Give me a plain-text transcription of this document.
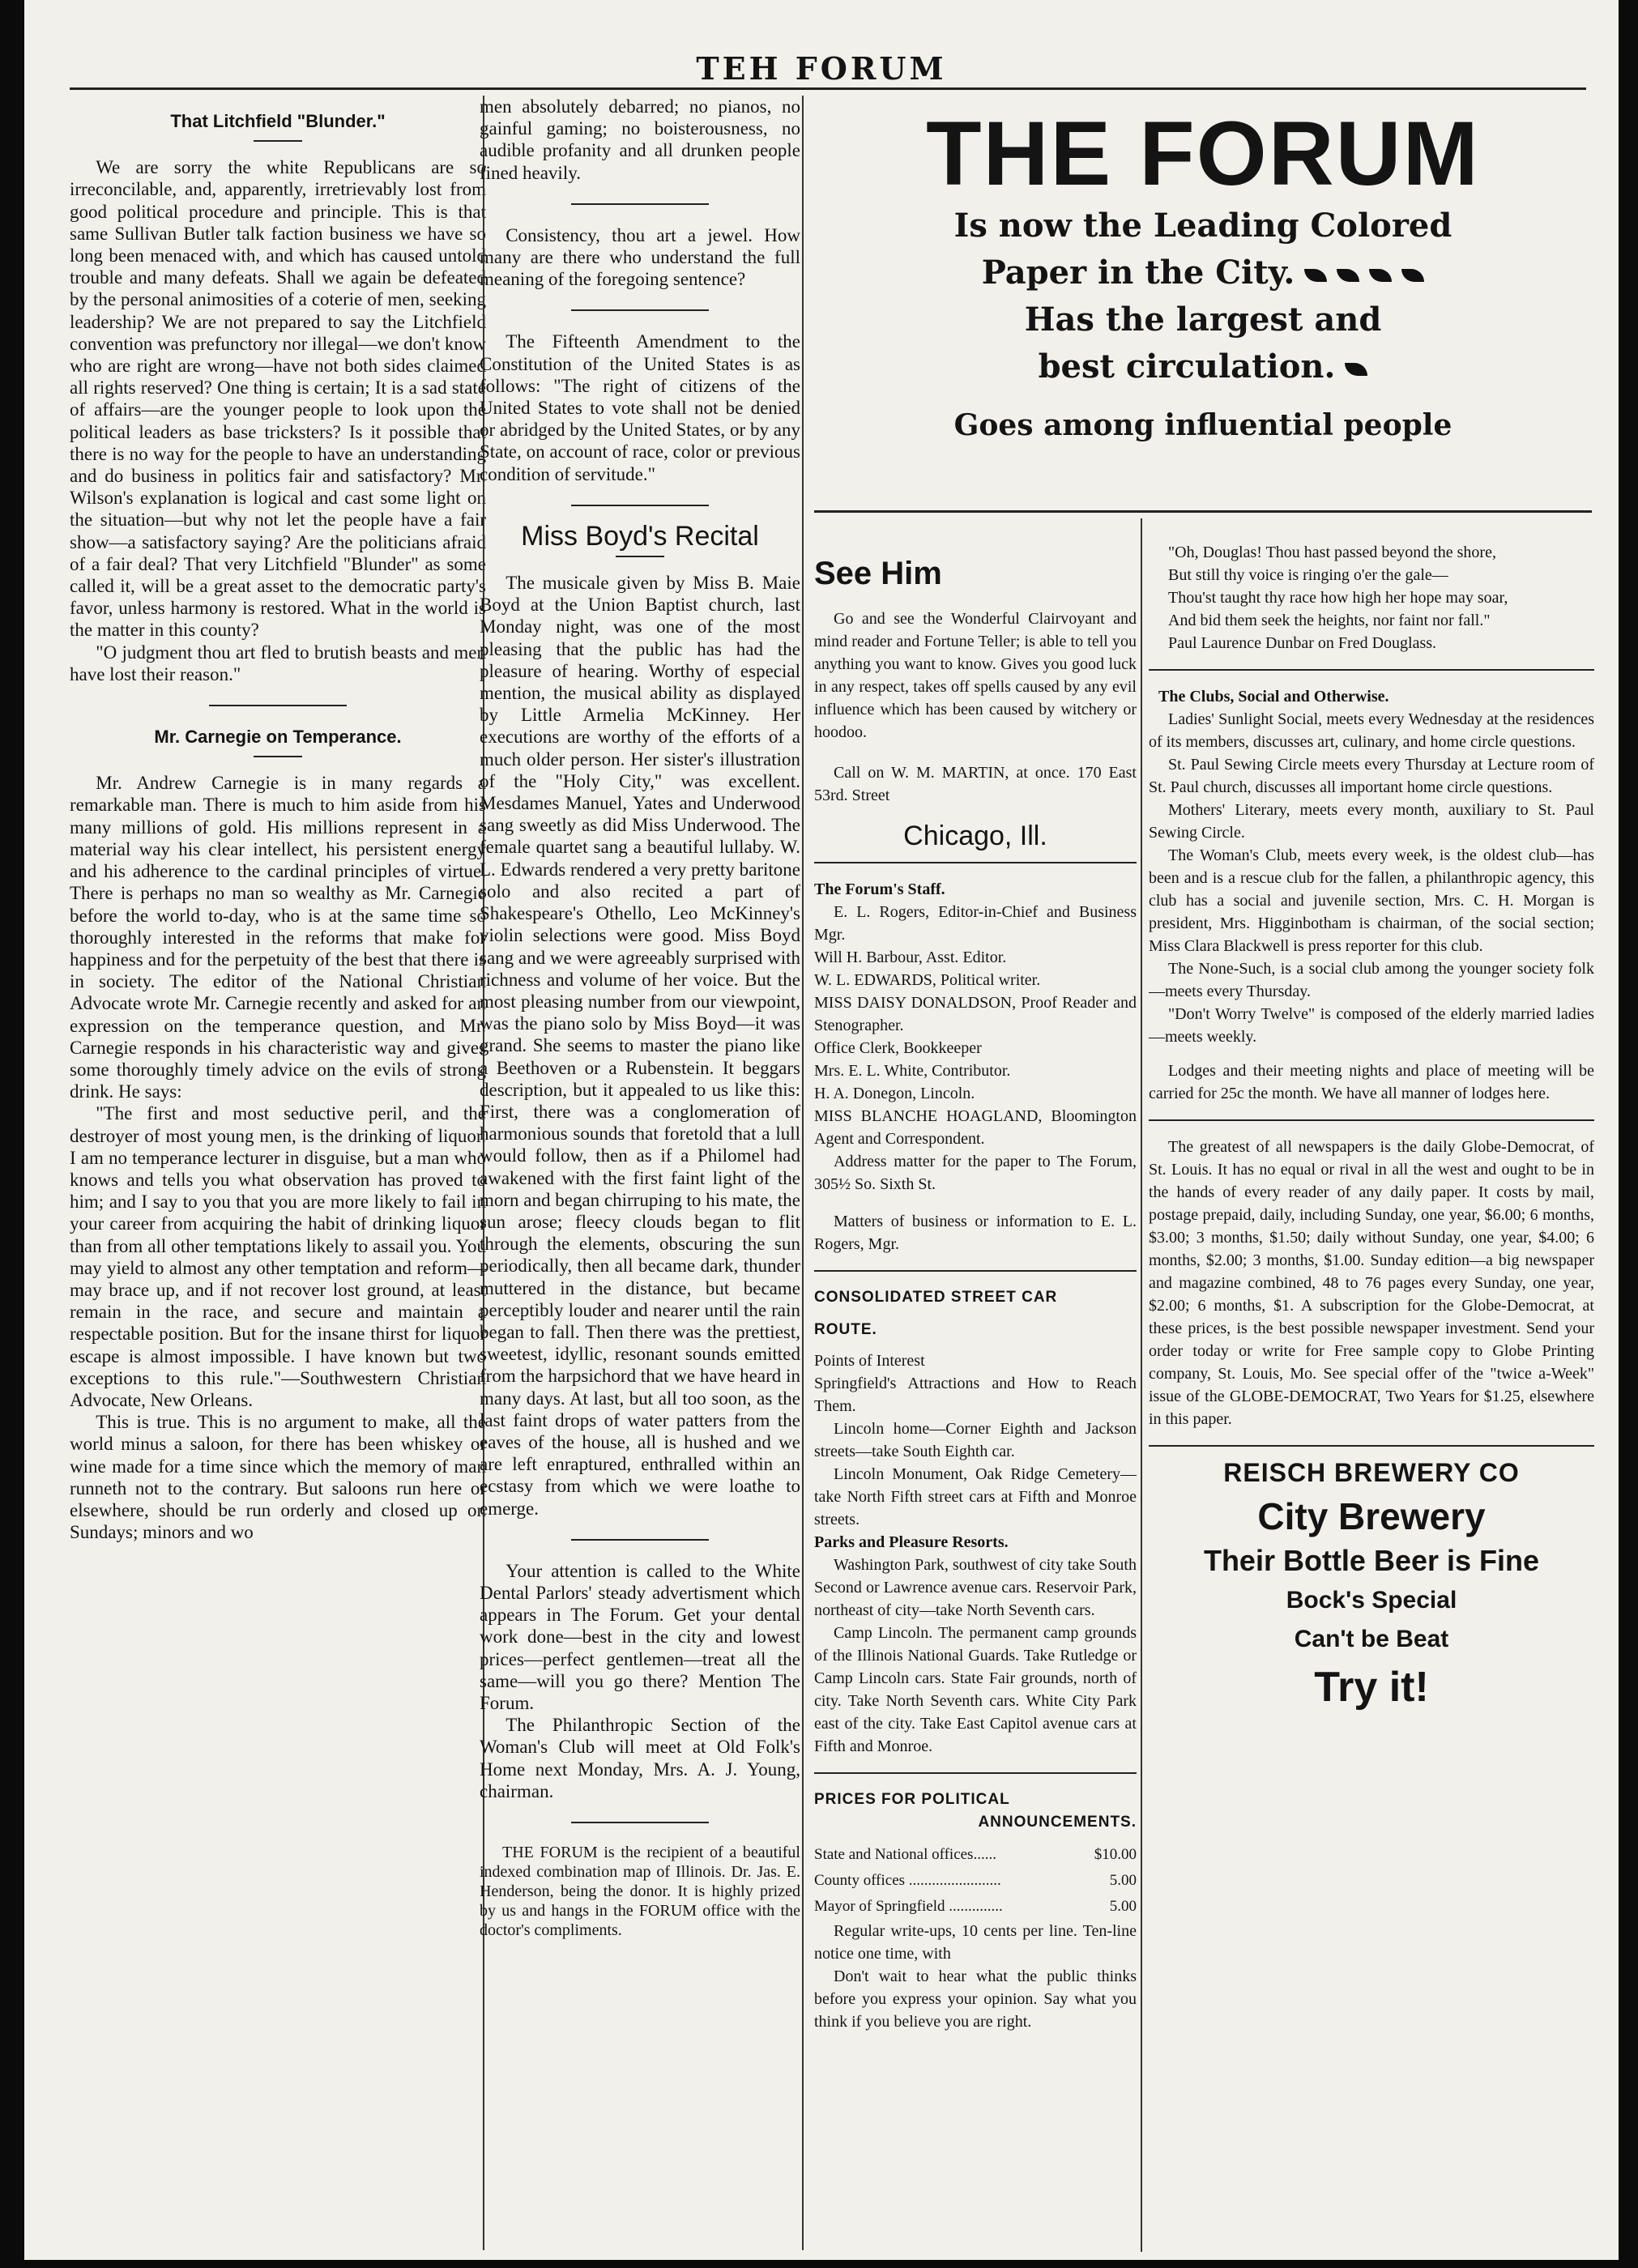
TEH FORUM
That Litchfield "Blunder."

We are sorry the white Republicans are so irreconcilable, and, apparently, irretrievably lost from good political procedure and principle. This is that same Sullivan Butler talk faction business we have so long been menaced with, and which has caused untold trouble and many defeats. Shall we again be defeated by the personal animosities of a coterie of men, seeking leadership? We are not prepared to say the Litchfield convention was prefunctory nor illegal—we don't know who are right are wrong—have not both sides claimed all rights reserved? One thing is certain; It is a sad state of affairs—are the younger people to look upon the political leaders as base tricksters? Is it possible that there is no way for the people to have an understanding and do business in politics fair and satisfactory? Mr. Wilson's explanation is logical and cast some light on the situation—but why not let the people have a fair show—a satisfactory saying? Are the politicians afraid of a fair deal? That very Litchfield "Blunder" as some called it, will be a great asset to the democratic party's favor, unless harmony is restored. What in the world is the matter in this county?

"O judgment thou art fled to brutish beasts and men have lost their reason."

Mr. Carnegie on Temperance.

Mr. Andrew Carnegie is in many regards a remarkable man. There is much to him aside from his many millions of gold. His millions represent in a material way his clear intellect, his persistent energy and his adherence to the cardinal principles of virtue. There is perhaps no man so wealthy as Mr. Carnegie before the world to-day, who is at the same time so thoroughly interested in the reforms that make for happiness and for the perpetuity of the best that there is in society. The editor of the National Christian Advocate wrote Mr. Carnegie recently and asked for an expression on the temperance question, and Mr. Carnegie responds in his characteristic way and gives some thoroughly timely advice on the evils of strong drink. He says:

"The first and most seductive peril, and the destroyer of most young men, is the drinking of liquor. I am no temperance lecturer in disguise, but a man who knows and tells you what observation has proved to him; and I say to you that you are more likely to fail in your career from acquiring the habit of drinking liquor than from all other temptations likely to assail you. You may yield to almost any other temptation and reform—may brace up, and if not recover lost ground, at least remain in the race, and secure and maintain a respectable position. But for the insane thirst for liquor escape is almost impossible. I have known but two exceptions to this rule."—Southwestern Christian Advocate, New Orleans.

This is true. This is no argument to make, all the world minus a saloon, for there has been whiskey or wine made for a time since which the memory of man runneth not to the contrary. But saloons run here or elsewhere, should be run orderly and closed up on Sundays; minors and wo

men absolutely debarred; no pianos, no gainful gaming; no boisterousness, no audible profanity and all drunken people fined heavily.

Consistency, thou art a jewel. How many are there who understand the full meaning of the foregoing sentence?

The Fifteenth Amendment to the Constitution of the United States is as follows: "The right of citizens of the United States to vote shall not be denied or abridged by the United States, or by any State, on account of race, color or previous condition of servitude."

Miss Boyd's Recital

The musicale given by Miss B. Maie Boyd at the Union Baptist church, last Monday night, was one of the most pleasing that the public has had the pleasure of hearing. Worthy of especial mention, the musical ability as displayed by Little Armelia McKinney. Her executions are worthy of the efforts of a much older person. Her sister's illustration of the "Holy City," was excellent. Mesdames Manuel, Yates and Underwood sang sweetly as did Miss Underwood. The female quartet sang a beautiful lullaby. W. L. Edwards rendered a very pretty baritone solo and also recited a part of Shakespeare's Othello, Leo McKinney's violin selections were good. Miss Boyd sang and we were agreeably surprised with richness and volume of her voice. But the most pleasing number from our viewpoint, was the piano solo by Miss Boyd—it was grand. She seems to master the piano like a Beethoven or a Rubenstein. It beggars description, but it appealed to us like this: First, there was a conglomeration of harmonious sounds that foretold that a lull would follow, then as if a Philomel had awakened with the first faint light of the morn and began chirruping to his mate, the sun arose; fleecy clouds began to flit through the elements, obscuring the sun periodically, then all became dark, thunder muttered in the distance, but became perceptibly louder and nearer until the rain began to fall. Then there was the prettiest, sweetest, idyllic, resonant sounds emitted from the harpsichord that we have heard in many days. At last, but all too soon, as the last faint drops of water patters from the eaves of the house, all is hushed and we are left enraptured, enthralled within an ecstasy from which we were loathe to emerge.

Your attention is called to the White Dental Parlors' steady advertisment which appears in The Forum. Get your dental work done—best in the city and lowest prices—perfect gentlemen—treat all the same—will you go there? Mention The Forum.

The Philanthropic Section of the Woman's Club will meet at Old Folk's Home next Monday, Mrs. A. J. Young, chairman.

THE FORUM is the recipient of a beautiful indexed combination map of Illinois. Dr. Jas. E. Henderson, being the donor. It is highly prized by us and hangs in the FORUM office with the doctor's compliments.

THE FORUM
Is now the Leading Colored
Paper in the City.
Has the largest and
best circulation.
Goes among influential people
See Him

Go and see the Wonderful Clairvoyant and mind reader and Fortune Teller; is able to tell you anything you want to know. Gives you good luck in any respect, takes off spells caused by any evil influence which has been caused by witchery or hoodoo.

Call on W. M. MARTIN, at once. 170 East 53rd. Street

Chicago, Ill.

The Forum's Staff.

E. L. Rogers, Editor-in-Chief and Business Mgr.

Will H. Barbour, Asst. Editor.

W. L. EDWARDS, Political writer.

MISS DAISY DONALDSON, Proof Reader and Stenographer.

Office Clerk, Bookkeeper

Mrs. E. L. White, Contributor.

H. A. Donegon, Lincoln.

MISS BLANCHE HOAGLAND, Bloomington Agent and Correspondent.

Address matter for the paper to The Forum, 305½ So. Sixth St.

Matters of business or information to E. L. Rogers, Mgr.

CONSOLIDATED STREET CAR

ROUTE.

Points of Interest

Springfield's Attractions and How to Reach Them.

Lincoln home—Corner Eighth and Jackson streets—take South Eighth car.

Lincoln Monument, Oak Ridge Cemetery—take North Fifth street cars at Fifth and Monroe streets.

Parks and Pleasure Resorts.

Washington Park, southwest of city take South Second or Lawrence avenue cars. Reservoir Park, northeast of city—take North Seventh cars.

Camp Lincoln. The permanent camp grounds of the Illinois National Guards. Take Rutledge or Camp Lincoln cars. State Fair grounds, north of city. Take North Seventh cars. White City Park east of the city. Take East Capitol avenue cars at Fifth and Monroe.

PRICES FOR POLITICAL

ANNOUNCEMENTS.

State and National offices......	$10.00
County offices ........................	5.00
Mayor of Springfield ..............	5.00

Regular write-ups, 10 cents per line. Ten-line notice one time, with

Don't wait to hear what the public thinks before you express your opinion. Say what you think if you believe you are right.

"Oh, Douglas! Thou hast passed beyond the shore,

But still thy voice is ringing o'er the gale—

Thou'st taught thy race how high her hope may soar,

And bid them seek the heights, nor faint nor fall."

Paul Laurence Dunbar on Fred Douglass.

The Clubs, Social and Otherwise.

Ladies' Sunlight Social, meets every Wednesday at the residences of its members, discusses art, culinary, and home circle questions.

St. Paul Sewing Circle meets every Thursday at Lecture room of St. Paul church, discusses all important home circle questions.

Mothers' Literary, meets every month, auxiliary to St. Paul Sewing Circle.

The Woman's Club, meets every week, is the oldest club—has been and is a rescue club for the fallen, a philanthropic agency, this club has a social and juvenile section, Mrs. C. H. Morgan is president, Mrs. Higginbotham is chairman, of the social section; Miss Clara Blackwell is press reporter for this club.

The None-Such, is a social club among the younger society folk—meets every Thursday.

"Don't Worry Twelve" is composed of the elderly married ladies—meets weekly.

Lodges and their meeting nights and place of meeting will be carried for 25c the month. We have all manner of lodges here.

The greatest of all newspapers is the daily Globe-Democrat, of St. Louis. It has no equal or rival in all the west and ought to be in the hands of every reader of any daily paper. It costs by mail, postage prepaid, daily, including Sunday, one year, $6.00; 6 months, $3.00; 3 months, $1.50; daily without Sunday, one year, $4.00; 6 months, $2.00; 3 months, $1.00. Sunday edition—a big newspaper and magazine combined, 48 to 76 pages every Sunday, one year, $2.00; 6 months, $1. A subscription for the Globe-Democrat, at these prices, is the best possible newspaper investment. Send your order today or write for Free sample copy to Globe Printing company, St. Louis, Mo. See special offer of the "twice a-Week" issue of the GLOBE-DEMOCRAT, Two Years for $1.25, elsewhere in this paper.

REISCH BREWERY CO
City Brewery
Their Bottle Beer is Fine
Bock's Special
Can't be Beat
Try it!
